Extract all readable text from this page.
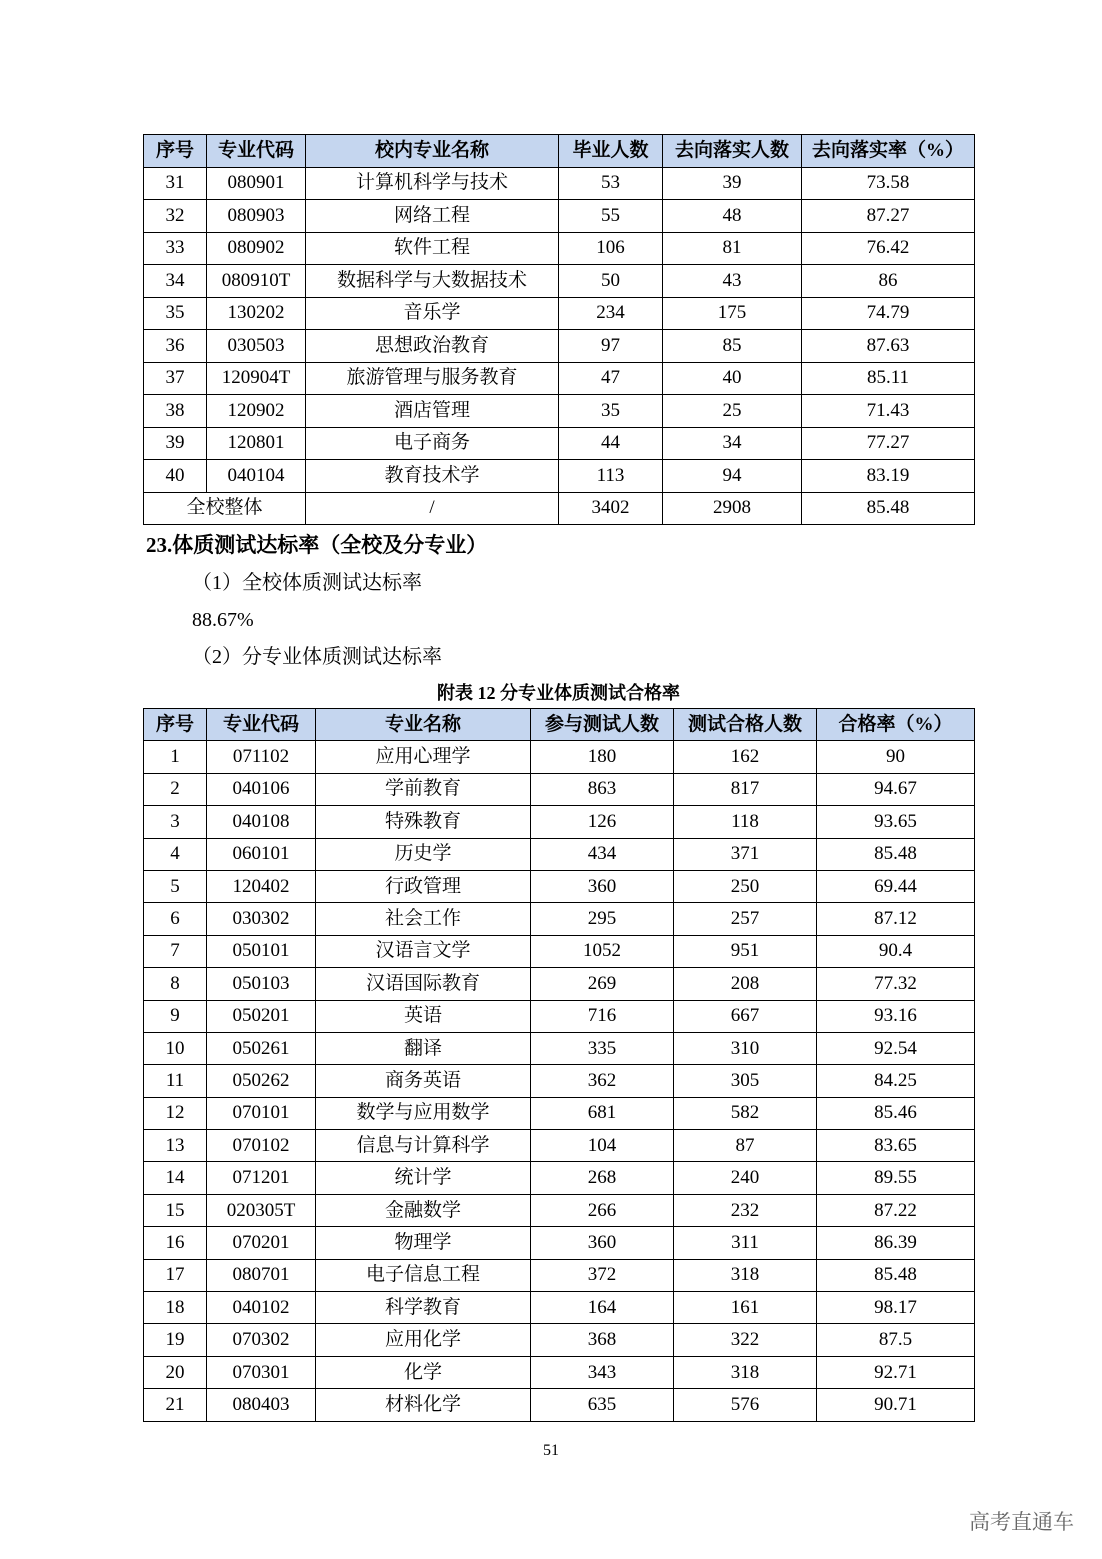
序号	专业代码	校内专业名称	毕业人数	去向落实人数	去向落实率（%）
31	080901	计算机科学与技术	53	39	73.58
32	080903	网络工程	55	48	87.27
33	080902	软件工程	106	81	76.42
34	080910T	数据科学与大数据技术	50	43	86
35	130202	音乐学	234	175	74.79
36	030503	思想政治教育	97	85	87.63
37	120904T	旅游管理与服务教育	47	40	85.11
38	120902	酒店管理	35	25	71.43
39	120801	电子商务	44	34	77.27
40	040104	教育技术学	113	94	83.19
全校整体		/	3402	2908	85.48
23.体质测试达标率（全校及分专业）
（1）全校体质测试达标率
88.67%
（2）分专业体质测试达标率
附表 12 分专业体质测试合格率
序号	专业代码	专业名称	参与测试人数	测试合格人数	合格率（%）
1	071102	应用心理学	180	162	90
2	040106	学前教育	863	817	94.67
3	040108	特殊教育	126	118	93.65
4	060101	历史学	434	371	85.48
5	120402	行政管理	360	250	69.44
6	030302	社会工作	295	257	87.12
7	050101	汉语言文学	1052	951	90.4
8	050103	汉语国际教育	269	208	77.32
9	050201	英语	716	667	93.16
10	050261	翻译	335	310	92.54
11	050262	商务英语	362	305	84.25
12	070101	数学与应用数学	681	582	85.46
13	070102	信息与计算科学	104	87	83.65
14	071201	统计学	268	240	89.55
15	020305T	金融数学	266	232	87.22
16	070201	物理学	360	311	86.39
17	080701	电子信息工程	372	318	85.48
18	040102	科学教育	164	161	98.17
19	070302	应用化学	368	322	87.5
20	070301	化学	343	318	92.71
21	080403	材料化学	635	576	90.71
51
高考直通车
